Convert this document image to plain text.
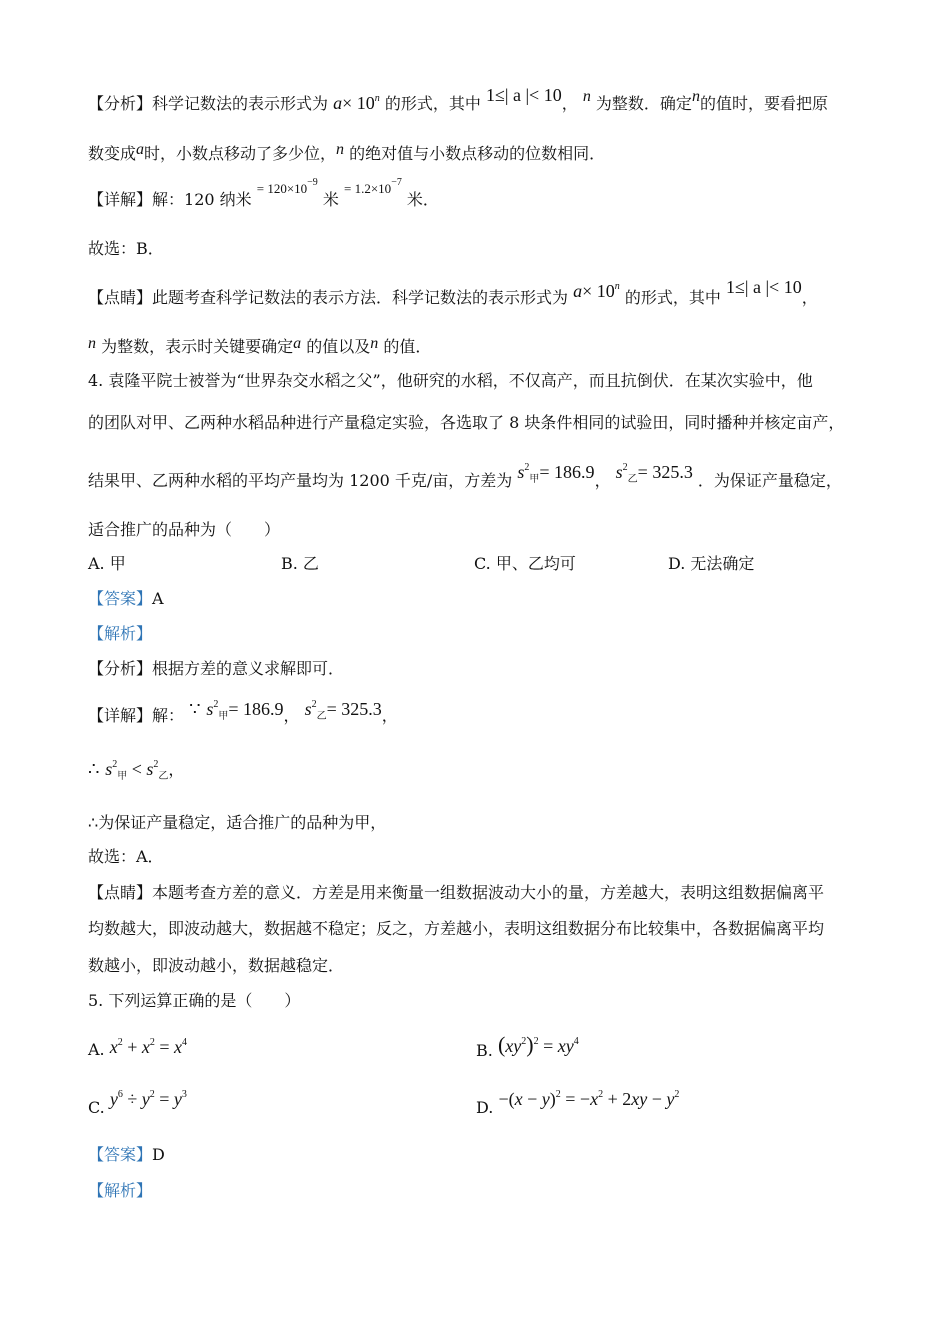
【分析】科学记数法的表示形式为 $a\times 10^n$ 的形式，其中 1≤| a |< 10， n 为整数．确定n的值时，要看把原
数变成a时，小数点移动了多少位，n 的绝对值与小数点移动的位数相同．
【详解】解：120 纳米 $^{= 120\times 10^{-9}}$ 米 $^{= 1.2\times 10^{-7}}$ 米．
故选：B．
【点睛】此题考查科学记数法的表示方法．科学记数法的表示形式为 $a\times 10^n$ 的形式，其中 1≤| a |< 10，
n 为整数，表示时关键要确定a 的值以及n 的值．
4. 袁隆平院士被誉为“世界杂交水稻之父”，他研究的水稻，不仅高产，而且抗倒伏．在某次实验中，他
的团队对甲、乙两种水稻品种进行产量稳定实验，各选取了 8 块条件相同的试验田，同时播种并核定亩产，
结果甲、乙两种水稻的平均产量均为 1200 千克/亩，方差为 $s^2_甲= 186.9$， $s^2_乙= 325.3$ ．为保证产量稳定，
适合推广的品种为（　　）
A. 甲	B. 乙	C. 甲、乙均可	D. 无法确定
【答案】A
【解析】
【分析】根据方差的意义求解即可．
【详解】解： ∵ $s^2_甲= 186.9$， $s^2_乙= 325.3$，
∴ $s^2_甲 < s^2_乙$，
∴为保证产量稳定，适合推广的品种为甲，
故选：A．
【点睛】本题考查方差的意义．方差是用来衡量一组数据波动大小的量，方差越大，表明这组数据偏离平
均数越大，即波动越大，数据越不稳定；反之，方差越小，表明这组数据分布比较集中，各数据偏离平均
数越小，即波动越小，数据越稳定．
5. 下列运算正确的是（　　）
A. $x^2 + x^2 = x^4$	B. $(xy^2)^2 = xy^4$
C. $y^6 \div y^2 = y^3$
D. $-(x - y)^2 = -x^2 + 2xy - y^2$
【答案】D
【解析】
